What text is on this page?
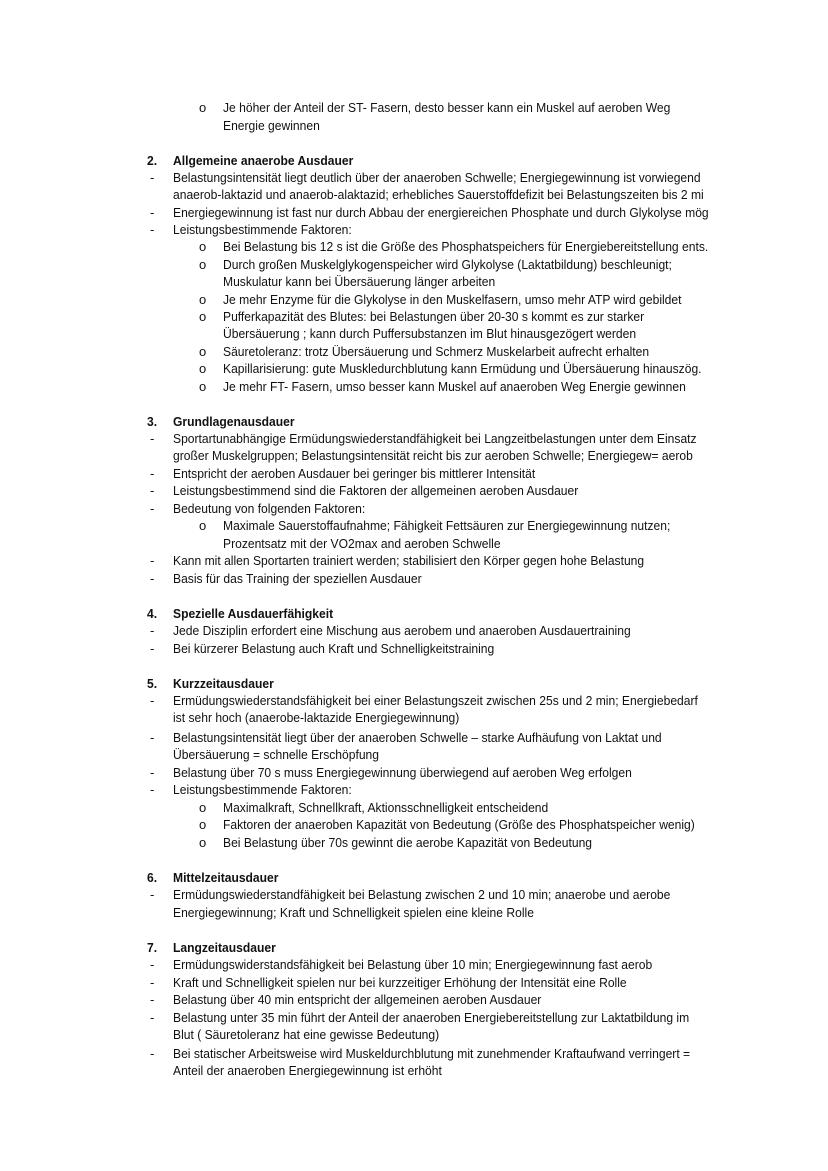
o Je höher der Anteil der ST- Fasern, desto besser kann ein Muskel auf aeroben Weg
Energie gewinnen
2. Allgemeine anaerobe Ausdauer
- Belastungsintensität liegt deutlich über der anaeroben Schwelle; Energiegewinnung ist vorwiegend
anaerob-laktazid und anaerob-alaktazid; erhebliches Sauerstoffdefizit bei Belastungszeiten bis 2 mi
- Energiegewinnung ist fast nur durch Abbau der energiereichen Phosphate und durch Glykolyse mög
- Leistungsbestimmende Faktoren:
o Bei Belastung bis 12 s ist die Größe des Phosphatspeichers für Energiebereitstellung ents.
o Durch großen Muskelglykogenspeicher wird Glykolyse (Laktatbildung) beschleunigt;
Muskulatur kann bei Übersäuerung länger arbeiten
o Je mehr Enzyme für die Glykolyse in den Muskelfasern, umso mehr ATP wird gebildet
o Pufferkapazität des Blutes: bei Belastungen über 20-30 s kommt es zur starker
Übersäuerung ; kann durch Puffersubstanzen im Blut hinausgezögert werden
o Säuretoleranz: trotz Übersäuerung und Schmerz Muskelarbeit aufrecht erhalten
o Kapillarisierung: gute Muskledurchblutung kann Ermüdung und Übersäuerung hinauszög.
o Je mehr FT- Fasern, umso besser kann Muskel auf anaeroben Weg Energie gewinnen
3. Grundlagenausdauer
- Sportartunabhängige Ermüdungswiederstandfähigkeit bei Langzeitbelastungen unter dem Einsatz
großer Muskelgruppen; Belastungsintensität reicht bis zur aeroben Schwelle; Energiegew= aerob
- Entspricht der aeroben Ausdauer bei geringer bis mittlerer Intensität
- Leistungsbestimmend sind die Faktoren der allgemeinen aeroben Ausdauer
- Bedeutung von folgenden Faktoren:
o Maximale Sauerstoffaufnahme; Fähigkeit Fettsäuren zur Energiegewinnung nutzen;
Prozentsatz mit der VO2max and aeroben Schwelle
- Kann mit allen Sportarten trainiert werden; stabilisiert den Körper gegen hohe Belastung
- Basis für das Training der speziellen Ausdauer
4. Spezielle Ausdauerfähigkeit
- Jede Disziplin erfordert eine Mischung aus aerobem und anaeroben Ausdauertraining
- Bei kürzerer Belastung auch Kraft und Schnelligkeitstraining
5. Kurzzeitausdauer
- Ermüdungswiederstandsfähigkeit bei einer Belastungszeit zwischen 25s und 2 min; Energiebedarf
ist sehr hoch (anaerobe-laktazide Energiegewinnung)
- Belastungsintensität liegt über der anaeroben Schwelle – starke Aufhäufung von Laktat und
Übersäuerung = schnelle Erschöpfung
- Belastung über 70 s muss Energiegewinnung überwiegend auf aeroben Weg erfolgen
- Leistungsbestimmende Faktoren:
o Maximalkraft, Schnellkraft, Aktionsschnelligkeit entscheidend
o Faktoren der anaeroben Kapazität von Bedeutung (Größe des Phosphatspeicher wenig)
o Bei Belastung über 70s gewinnt die aerobe Kapazität von Bedeutung
6. Mittelzeitausdauer
- Ermüdungswiederstandfähigkeit bei Belastung zwischen 2 und 10 min; anaerobe und aerobe
Energiegewinnung; Kraft und Schnelligkeit spielen eine kleine Rolle
7. Langzeitausdauer
- Ermüdungswiderstandsfähigkeit bei Belastung über 10 min; Energiegewinnung fast aerob
- Kraft und Schnelligkeit spielen nur bei kurzzeitiger Erhöhung der Intensität eine Rolle
- Belastung über 40 min entspricht der allgemeinen aeroben Ausdauer
- Belastung unter 35 min führt der Anteil der anaeroben Energiebereitstellung zur Laktatbildung im
Blut ( Säuretoleranz hat eine gewisse Bedeutung)
- Bei statischer Arbeitsweise wird Muskeldurchblutung mit zunehmender Kraftaufwand verringert =
Anteil der anaeroben Energiegewinnung ist erhöht
